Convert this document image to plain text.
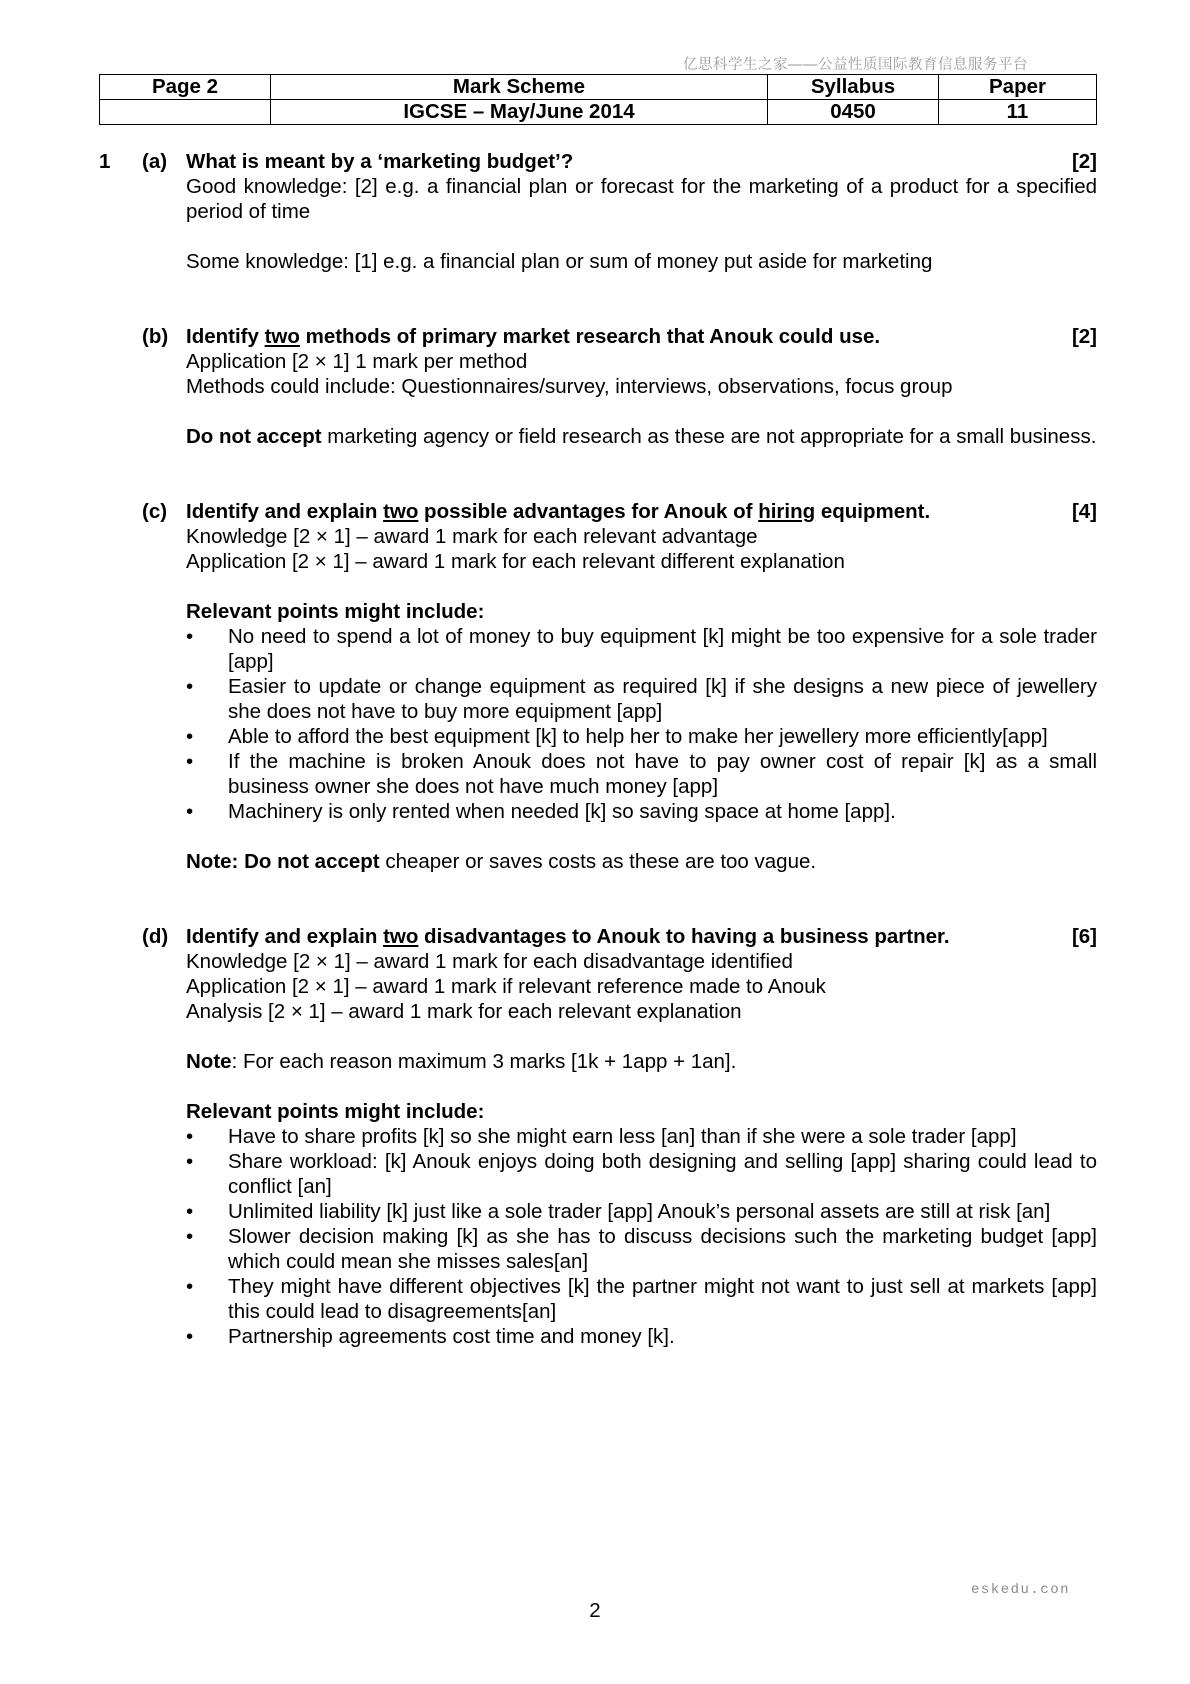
亿思科学生之家——公益性质国际教育信息服务平台
Page 2	Mark Scheme	Syllabus	Paper
	IGCSE – May/June 2014	0450	11
1 (a) What is meant by a ‘marketing budget’?	[2]

Good knowledge: [2] e.g. a financial plan or forecast for the marketing of a product for a specified period of time

Some knowledge: [1] e.g. a financial plan or sum of money put aside for marketing

(b) Identify two methods of primary market research that Anouk could use.	[2]

Application [2 × 1] 1 mark per method

Methods could include: Questionnaires/survey, interviews, observations, focus group

Do not accept marketing agency or field research as these are not appropriate for a small business.

(c) Identify and explain two possible advantages for Anouk of hiring equipment.	[4]

Knowledge [2 × 1] – award 1 mark for each relevant advantage

Application [2 × 1] – award 1 mark for each relevant different explanation

Relevant points might include:

• No need to spend a lot of money to buy equipment [k] might be too expensive for a sole trader [app]
• Easier to update or change equipment as required [k] if she designs a new piece of jewellery she does not have to buy more equipment [app]
• Able to afford the best equipment [k] to help her to make her jewellery more efficiently[app]
• If the machine is broken Anouk does not have to pay owner cost of repair [k] as a small business owner she does not have much money [app]
• Machinery is only rented when needed [k] so saving space at home [app].

Note: Do not accept cheaper or saves costs as these are too vague.

(d) Identify and explain two disadvantages to Anouk to having a business partner.	[6]

Knowledge [2 × 1] – award 1 mark for each disadvantage identified

Application [2 × 1] – award 1 mark if relevant reference made to Anouk

Analysis [2 × 1] – award 1 mark for each relevant explanation

Note: For each reason maximum 3 marks [1k + 1app + 1an].

Relevant points might include:

• Have to share profits [k] so she might earn less [an] than if she were a sole trader [app]
• Share workload: [k] Anouk enjoys doing both designing and selling [app] sharing could lead to conflict [an]
• Unlimited liability [k] just like a sole trader [app] Anouk’s personal assets are still at risk [an]
• Slower decision making [k] as she has to discuss decisions such the marketing budget [app] which could mean she misses sales[an]
• They might have different objectives [k] the partner might not want to just sell at markets [app] this could lead to disagreements[an]
• Partnership agreements cost time and money [k].
eskedu.con
2
